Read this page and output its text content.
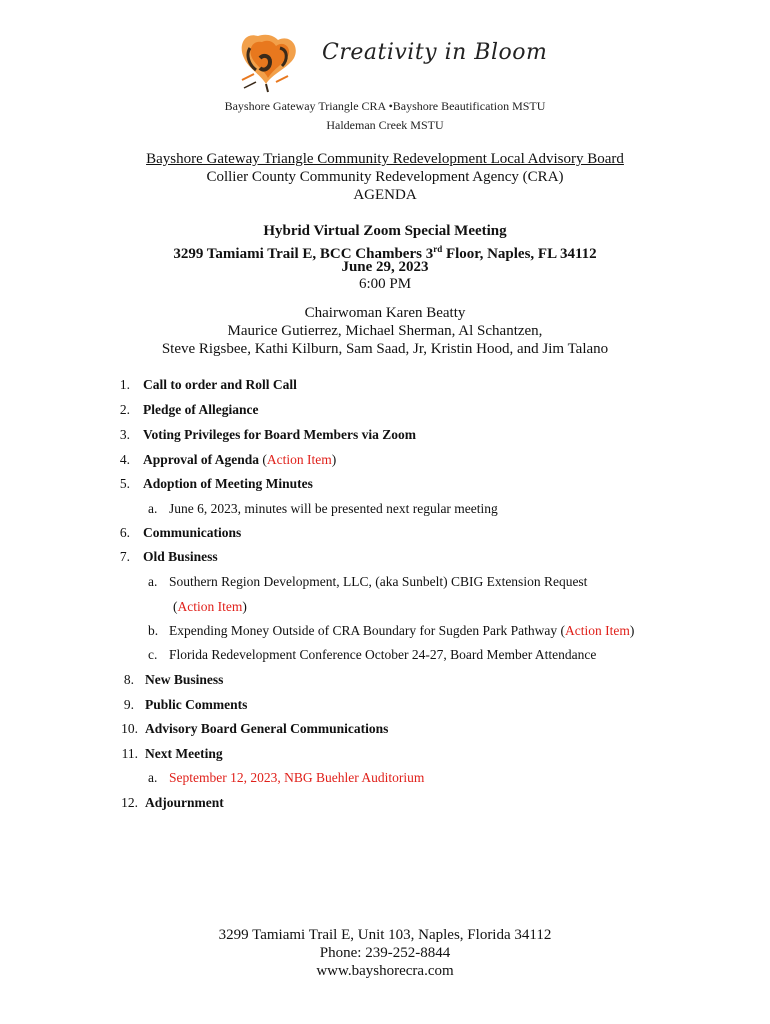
Creativity in Bloom
Bayshore Gateway Triangle CRA •Bayshore Beautification MSTU
Haldeman Creek MSTU
Bayshore Gateway Triangle Community Redevelopment Local Advisory Board
Collier County Community Redevelopment Agency (CRA)
AGENDA
Hybrid Virtual Zoom Special Meeting
3299 Tamiami Trail E, BCC Chambers 3rd Floor, Naples, FL 34112
June 29, 2023
6:00 PM
Chairwoman Karen Beatty
Maurice Gutierrez, Michael Sherman, Al Schantzen,
Steve Rigsbee, Kathi Kilburn, Sam Saad, Jr, Kristin Hood, and Jim Talano
1. Call to order and Roll Call
2. Pledge of Allegiance
3. Voting Privileges for Board Members via Zoom
4. Approval of Agenda (Action Item)
5. Adoption of Meeting Minutes
a. June 6, 2023, minutes will be presented next regular meeting
6. Communications
7. Old Business
a. Southern Region Development, LLC, (aka Sunbelt) CBIG Extension Request
(Action Item)
b. Expending Money Outside of CRA Boundary for Sugden Park Pathway (Action Item)
c. Florida Redevelopment Conference October 24-27, Board Member Attendance
8. New Business
9. Public Comments
10. Advisory Board General Communications
11. Next Meeting
a. September 12, 2023, NBG Buehler Auditorium
12. Adjournment
3299 Tamiami Trail E, Unit 103, Naples, Florida 34112
Phone: 239-252-8844
www.bayshorecra.com
